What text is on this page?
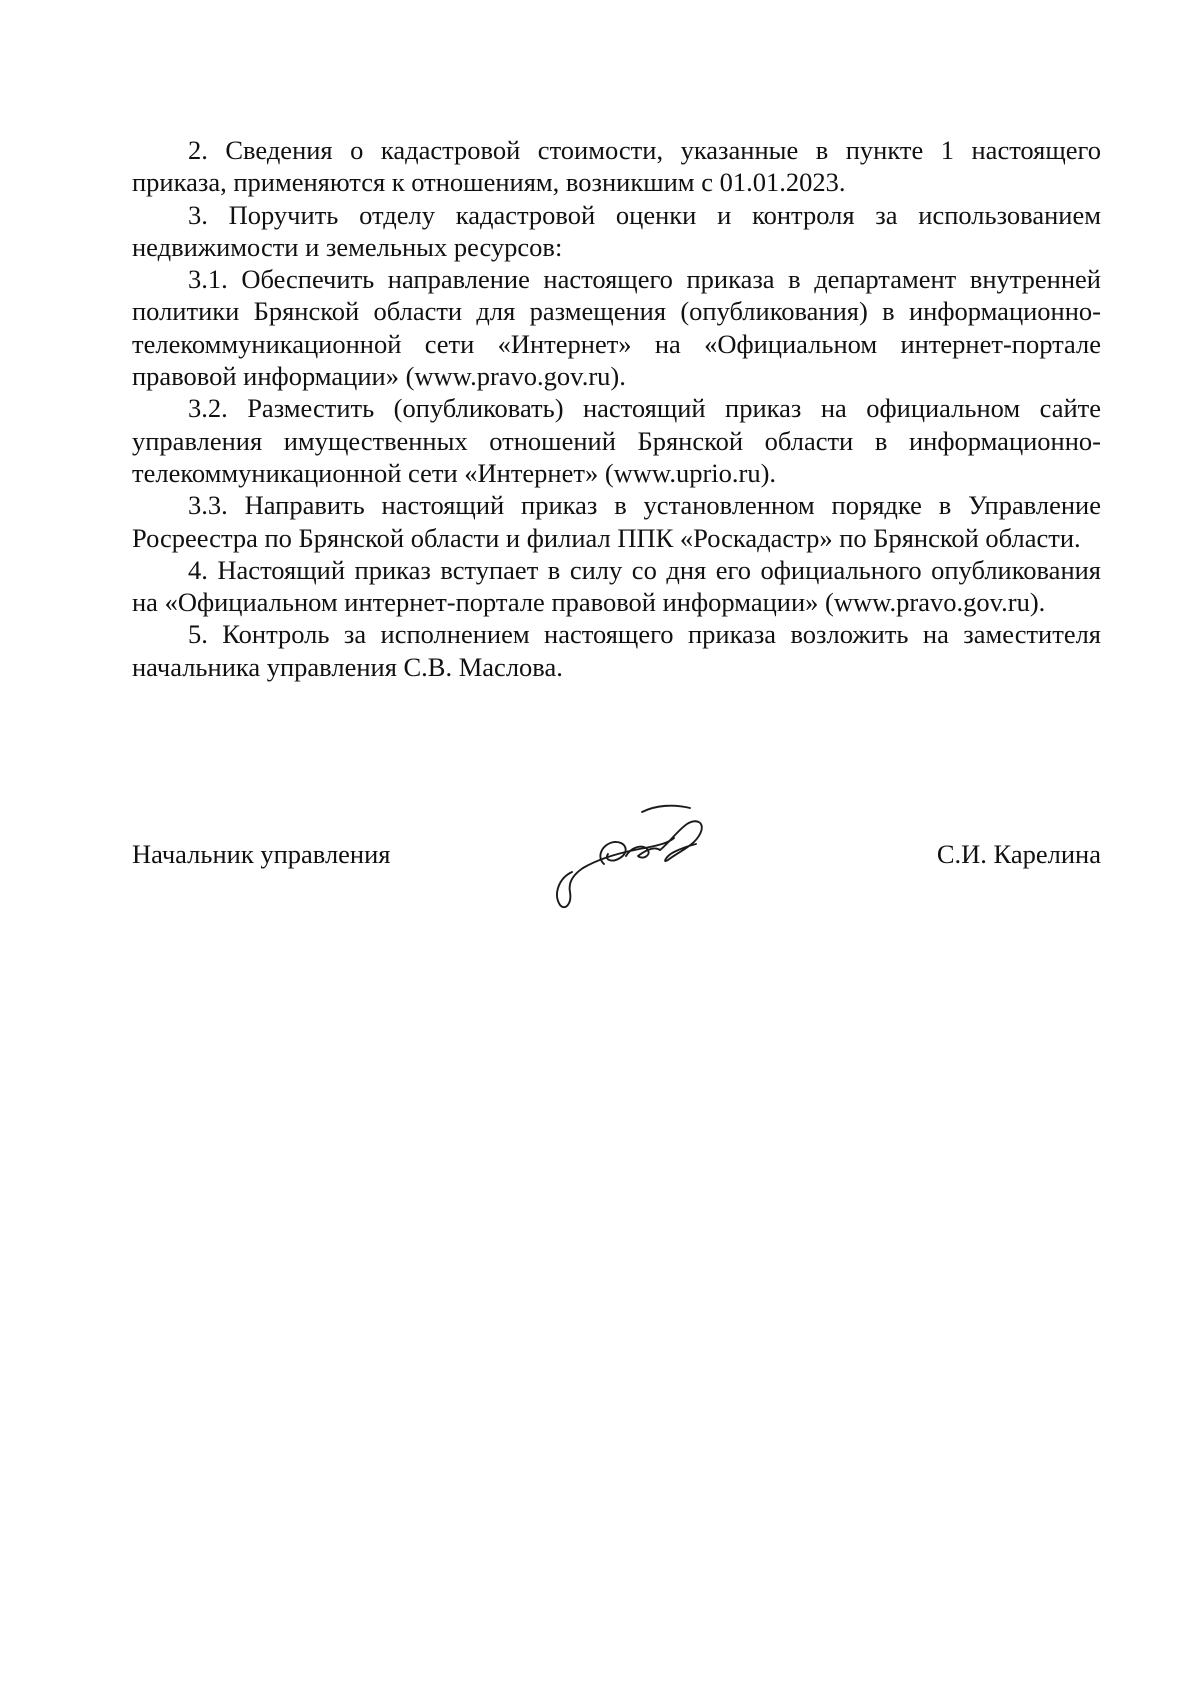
2. Сведения о кадастровой стоимости, указанные в пункте 1 настоящего приказа, применяются к отношениям, возникшим с 01.01.2023.

3. Поручить отделу кадастровой оценки и контроля за использованием недвижимости и земельных ресурсов:

3.1. Обеспечить направление настоящего приказа в департамент внутренней политики Брянской области для размещения (опубликования) в информационно-телекоммуникационной сети «Интернет» на «Официальном интернет-портале правовой информации» (www.pravo.gov.ru).

3.2. Разместить (опубликовать) настоящий приказ на официальном сайте управления имущественных отношений Брянской области в информационно-телекоммуникационной сети «Интернет» (www.uprio.ru).

3.3. Направить настоящий приказ в установленном порядке в Управление Росреестра по Брянской области и филиал ППК «Роскадастр» по Брянской области.

4. Настоящий приказ вступает в силу со дня его официального опубликования на «Официальном интернет-портале правовой информации» (www.pravo.gov.ru).

5. Контроль за исполнением настоящего приказа возложить на заместителя начальника управления С.В. Маслова.

Начальник управления	С.И. Карелина
